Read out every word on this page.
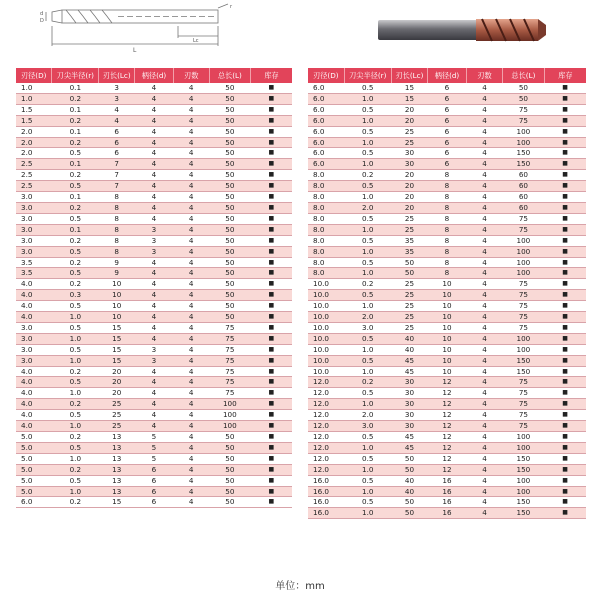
d
D
L
Lc
r
刃径(D)	刀尖半径(r)	刃长(Lc)	柄径(d)	刃数	总长(L)	库存
1.0	0.1	3	4	4	50	■
1.0	0.2	3	4	4	50	■
1.5	0.1	4	4	4	50	■
1.5	0.2	4	4	4	50	■
2.0	0.1	6	4	4	50	■
2.0	0.2	6	4	4	50	■
2.0	0.5	6	4	4	50	■
2.5	0.1	7	4	4	50	■
2.5	0.2	7	4	4	50	■
2.5	0.5	7	4	4	50	■
3.0	0.1	8	4	4	50	■
3.0	0.2	8	4	4	50	■
3.0	0.5	8	4	4	50	■
3.0	0.1	8	3	4	50	■
3.0	0.2	8	3	4	50	■
3.0	0.5	8	3	4	50	■
3.5	0.2	9	4	4	50	■
3.5	0.5	9	4	4	50	■
4.0	0.2	10	4	4	50	■
4.0	0.3	10	4	4	50	■
4.0	0.5	10	4	4	50	■
4.0	1.0	10	4	4	50	■
3.0	0.5	15	4	4	75	■
3.0	1.0	15	4	4	75	■
3.0	0.5	15	3	4	75	■
3.0	1.0	15	3	4	75	■
4.0	0.2	20	4	4	75	■
4.0	0.5	20	4	4	75	■
4.0	1.0	20	4	4	75	■
4.0	0.2	25	4	4	100	■
4.0	0.5	25	4	4	100	■
4.0	1.0	25	4	4	100	■
5.0	0.2	13	5	4	50	■
5.0	0.5	13	5	4	50	■
5.0	1.0	13	5	4	50	■
5.0	0.2	13	6	4	50	■
5.0	0.5	13	6	4	50	■
5.0	1.0	13	6	4	50	■
6.0	0.2	15	6	4	50	■
刃径(D)	刀尖半径(r)	刃长(Lc)	柄径(d)	刃数	总长(L)	库存
6.0	0.5	15	6	4	50	■
6.0	1.0	15	6	4	50	■
6.0	0.5	20	6	4	75	■
6.0	1.0	20	6	4	75	■
6.0	0.5	25	6	4	100	■
6.0	1.0	25	6	4	100	■
6.0	0.5	30	6	4	150	■
6.0	1.0	30	6	4	150	■
8.0	0.2	20	8	4	60	■
8.0	0.5	20	8	4	60	■
8.0	1.0	20	8	4	60	■
8.0	2.0	20	8	4	60	■
8.0	0.5	25	8	4	75	■
8.0	1.0	25	8	4	75	■
8.0	0.5	35	8	4	100	■
8.0	1.0	35	8	4	100	■
8.0	0.5	50	8	4	100	■
8.0	1.0	50	8	4	100	■
10.0	0.2	25	10	4	75	■
10.0	0.5	25	10	4	75	■
10.0	1.0	25	10	4	75	■
10.0	2.0	25	10	4	75	■
10.0	3.0	25	10	4	75	■
10.0	0.5	40	10	4	100	■
10.0	1.0	40	10	4	100	■
10.0	0.5	45	10	4	150	■
10.0	1.0	45	10	4	150	■
12.0	0.2	30	12	4	75	■
12.0	0.5	30	12	4	75	■
12.0	1.0	30	12	4	75	■
12.0	2.0	30	12	4	75	■
12.0	3.0	30	12	4	75	■
12.0	0.5	45	12	4	100	■
12.0	1.0	45	12	4	100	■
12.0	0.5	50	12	4	150	■
12.0	1.0	50	12	4	150	■
16.0	0.5	40	16	4	100	■
16.0	1.0	40	16	4	100	■
16.0	0.5	50	16	4	150	■
16.0	1.0	50	16	4	150	■
单位：mm
